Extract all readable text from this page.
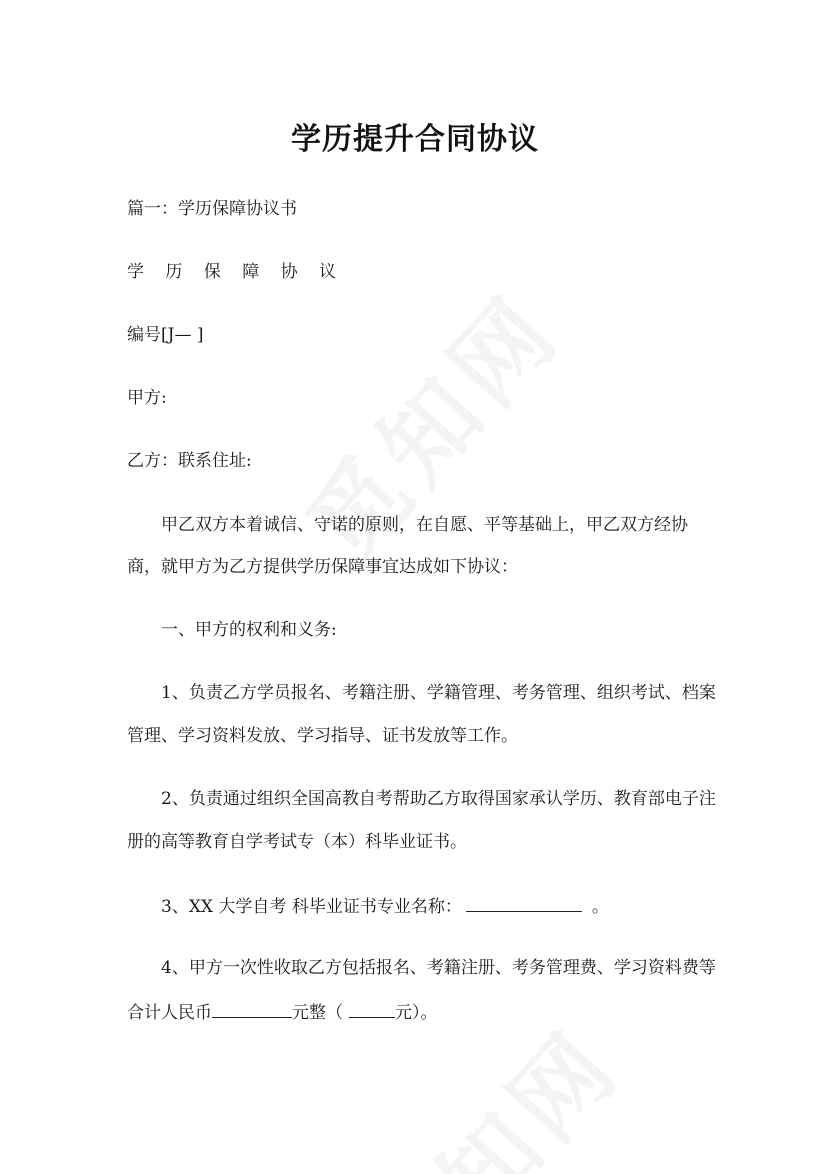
学历提升合同协议
篇一：学历保障协议书
学 历 保 障 协 议
编号[J— ]
甲方:
乙方：联系住址:
甲乙双方本着诚信、守诺的原则，在自愿、平等基础上，甲乙双方经协
商，就甲方为乙方提供学历保障事宜达成如下协议：
一、甲方的权利和义务:
1、负责乙方学员报名、考籍注册、学籍管理、考务管理、组织考试、档案
管理、学习资料发放、学习指导、证书发放等工作。
2、负责通过组织全国高教自考帮助乙方取得国家承认学历、教育部电子注
册的高等教育自学考试专（本）科毕业证书。
3、XX 大学自考 科毕业证书专业名称：	。
4、甲方一次性收取乙方包括报名、考籍注册、考务管理费、学习资料费等
合计人民币	元整（	元）。
